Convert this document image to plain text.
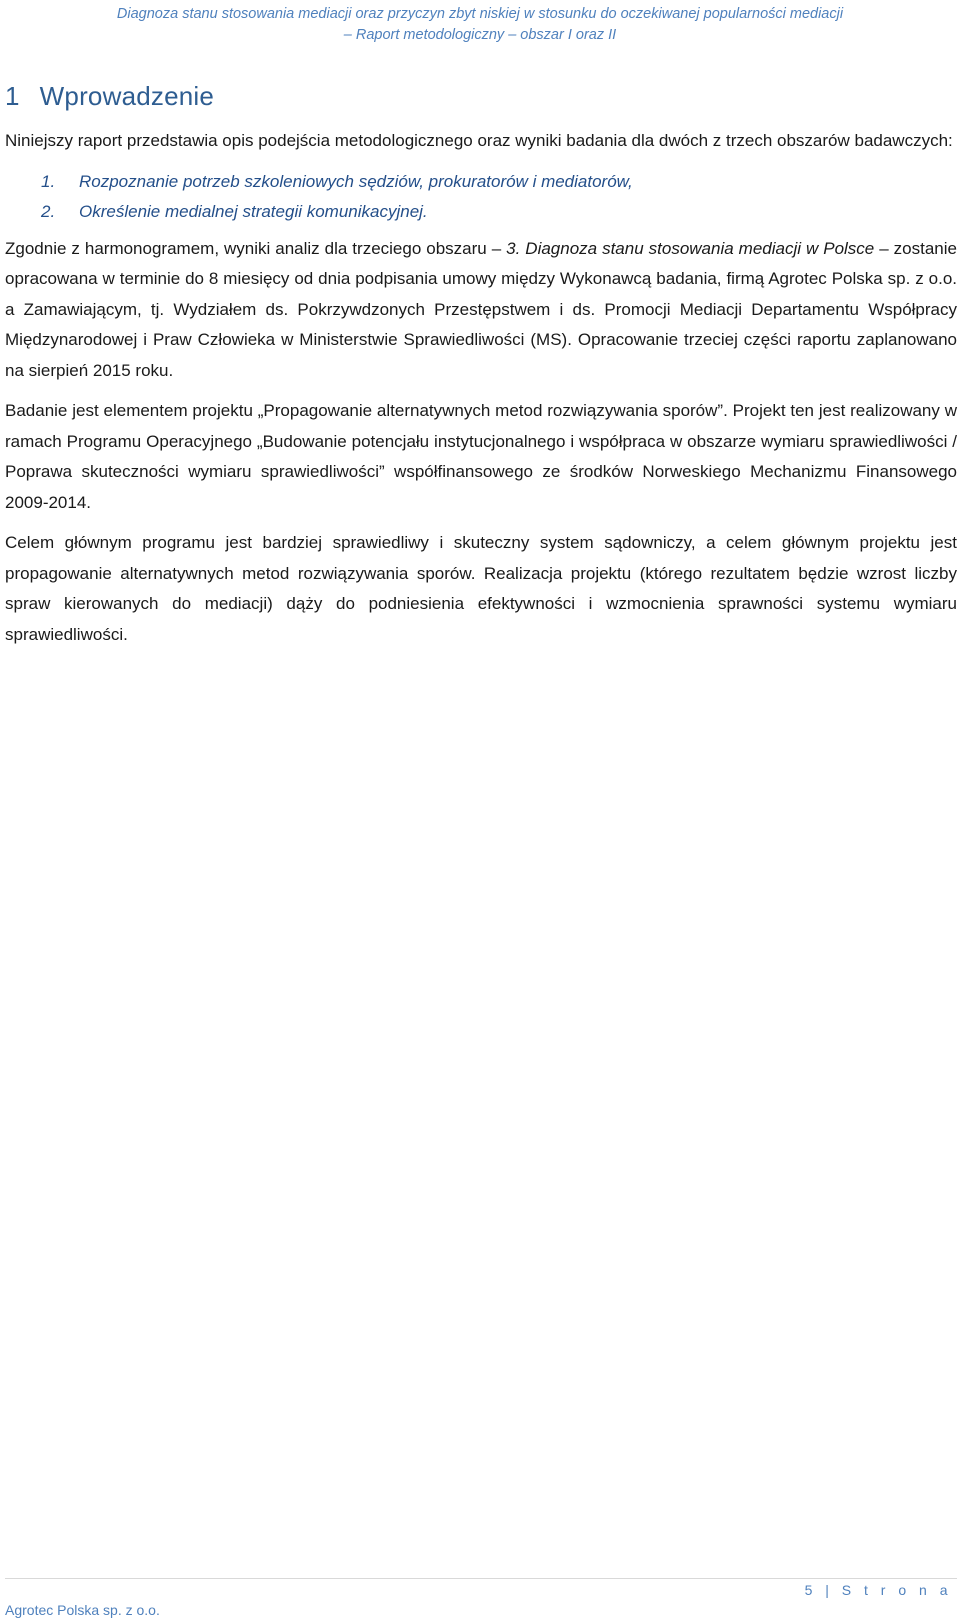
Diagnoza stanu stosowania mediacji oraz przyczyn zbyt niskiej w stosunku do oczekiwanej popularności mediacji
– Raport metodologiczny – obszar I oraz II
1 Wprowadzenie

Niniejszy raport przedstawia opis podejścia metodologicznego oraz wyniki badania dla dwóch z trzech obszarów badawczych:

1. Rozpoznanie potrzeb szkoleniowych sędziów, prokuratorów i mediatorów,
2. Określenie medialnej strategii komunikacyjnej.

Zgodnie z harmonogramem, wyniki analiz dla trzeciego obszaru – 3. Diagnoza stanu stosowania mediacji w Polsce – zostanie opracowana w terminie do 8 miesięcy od dnia podpisania umowy między Wykonawcą badania, firmą Agrotec Polska sp. z o.o. a Zamawiającym, tj. Wydziałem ds. Pokrzywdzonych Przestępstwem i ds. Promocji Mediacji Departamentu Współpracy Międzynarodowej i Praw Człowieka w Ministerstwie Sprawiedliwości (MS). Opracowanie trzeciej części raportu zaplanowano na sierpień 2015 roku.

Badanie jest elementem projektu „Propagowanie alternatywnych metod rozwiązywania sporów”. Projekt ten jest realizowany w ramach Programu Operacyjnego „Budowanie potencjału instytucjonalnego i współpraca w obszarze wymiaru sprawiedliwości / Poprawa skuteczności wymiaru sprawiedliwości” współfinansowego ze środków Norweskiego Mechanizmu Finansowego 2009-2014.

Celem głównym programu jest bardziej sprawiedliwy i skuteczny system sądowniczy, a celem głównym projektu jest propagowanie alternatywnych metod rozwiązywania sporów. Realizacja projektu (którego rezultatem będzie wzrost liczby spraw kierowanych do mediacji) dąży do podniesienia efektywności i wzmocnienia sprawności systemu wymiaru sprawiedliwości.

5 | S t r o n a
Agrotec Polska sp. z o.o.
